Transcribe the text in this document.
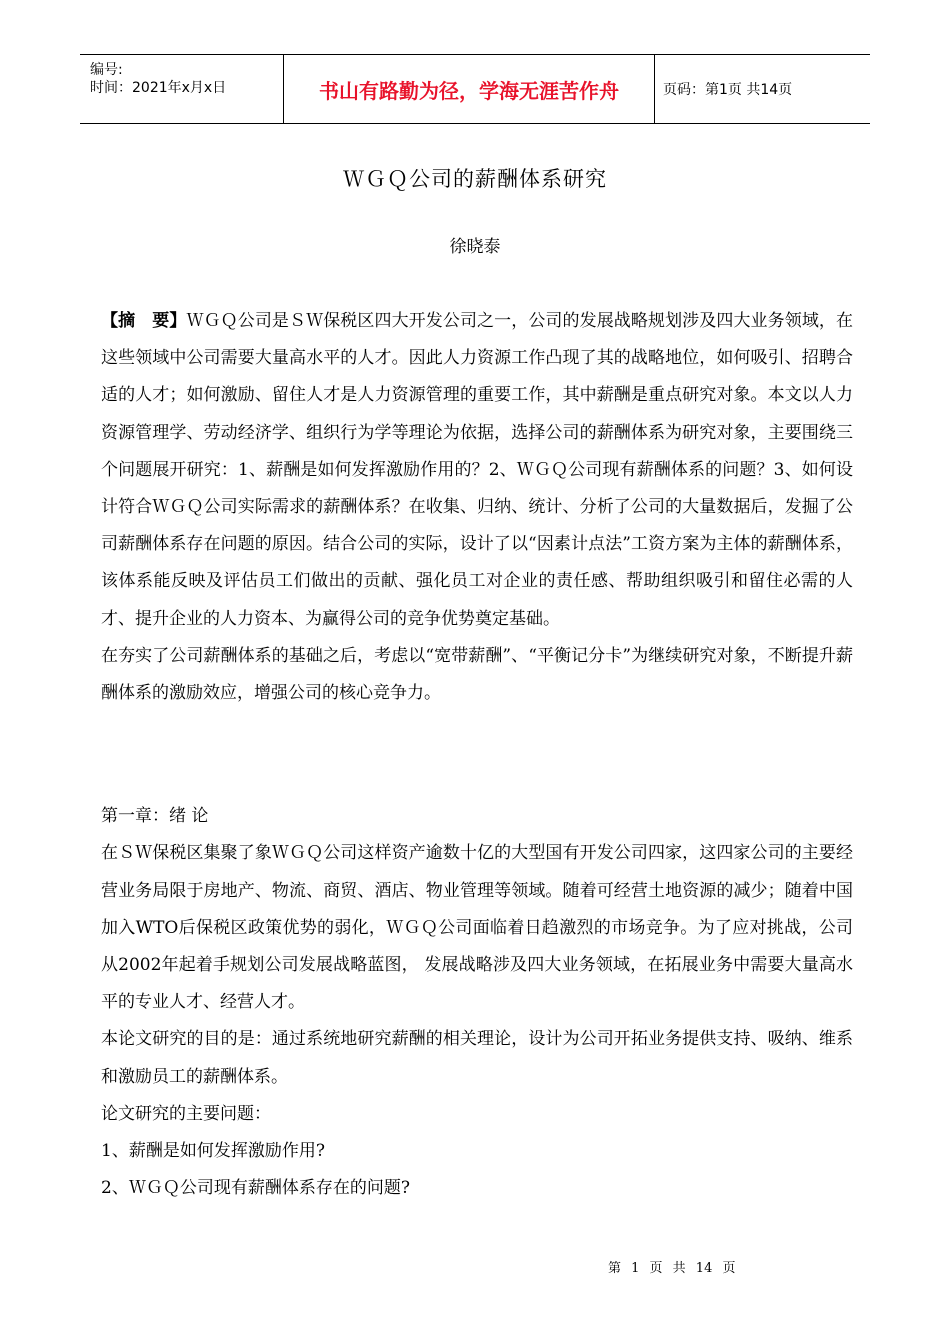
编号:
时间：2021年x月x日	书山有路勤为径，学海无涯苦作舟	页码：第1页 共14页
ＷＧＱ公司的薪酬体系研究
徐晓泰

【摘　要】ＷＧＱ公司是ＳＷ保税区四大开发公司之一，公司的发展战略规划涉及四大业务领域，在这些领域中公司需要大量高水平的人才。因此人力资源工作凸现了其的战略地位，如何吸引、招聘合适的人才；如何激励、留住人才是人力资源管理的重要工作，其中薪酬是重点研究对象。本文以人力资源管理学、劳动经济学、组织行为学等理论为依据，选择公司的薪酬体系为研究对象，主要围绕三个问题展开研究：1、薪酬是如何发挥激励作用的？2、ＷＧＱ公司现有薪酬体系的问题？3、如何设计符合ＷＧＱ公司实际需求的薪酬体系？在收集、归纳、统计、分析了公司的大量数据后，发掘了公司薪酬体系存在问题的原因。结合公司的实际，设计了以“因素计点法”工资方案为主体的薪酬体系，该体系能反映及评估员工们做出的贡献、强化员工对企业的责任感、帮助组织吸引和留住必需的人才、提升企业的人力资本、为赢得公司的竞争优势奠定基础。

在夯实了公司薪酬体系的基础之后，考虑以“宽带薪酬”、“平衡记分卡”为继续研究对象，不断提升薪酬体系的激励效应，增强公司的核心竞争力。

第一章：绪 论

在ＳＷ保税区集聚了象ＷＧＱ公司这样资产逾数十亿的大型国有开发公司四家，这四家公司的主要经营业务局限于房地产、物流、商贸、酒店、物业管理等领域。随着可经营土地资源的减少；随着中国加入WTO后保税区政策优势的弱化，ＷＧＱ公司面临着日趋激烈的市场竞争。为了应对挑战，公司从2002年起着手规划公司发展战略蓝图， 发展战略涉及四大业务领域，在拓展业务中需要大量高水平的专业人才、经营人才。

本论文研究的目的是：通过系统地研究薪酬的相关理论，设计为公司开拓业务提供支持、吸纳、维系和激励员工的薪酬体系。

论文研究的主要问题：

1、薪酬是如何发挥激励作用?

2、ＷＧＱ公司现有薪酬体系存在的问题?

第 1 页 共 14 页
